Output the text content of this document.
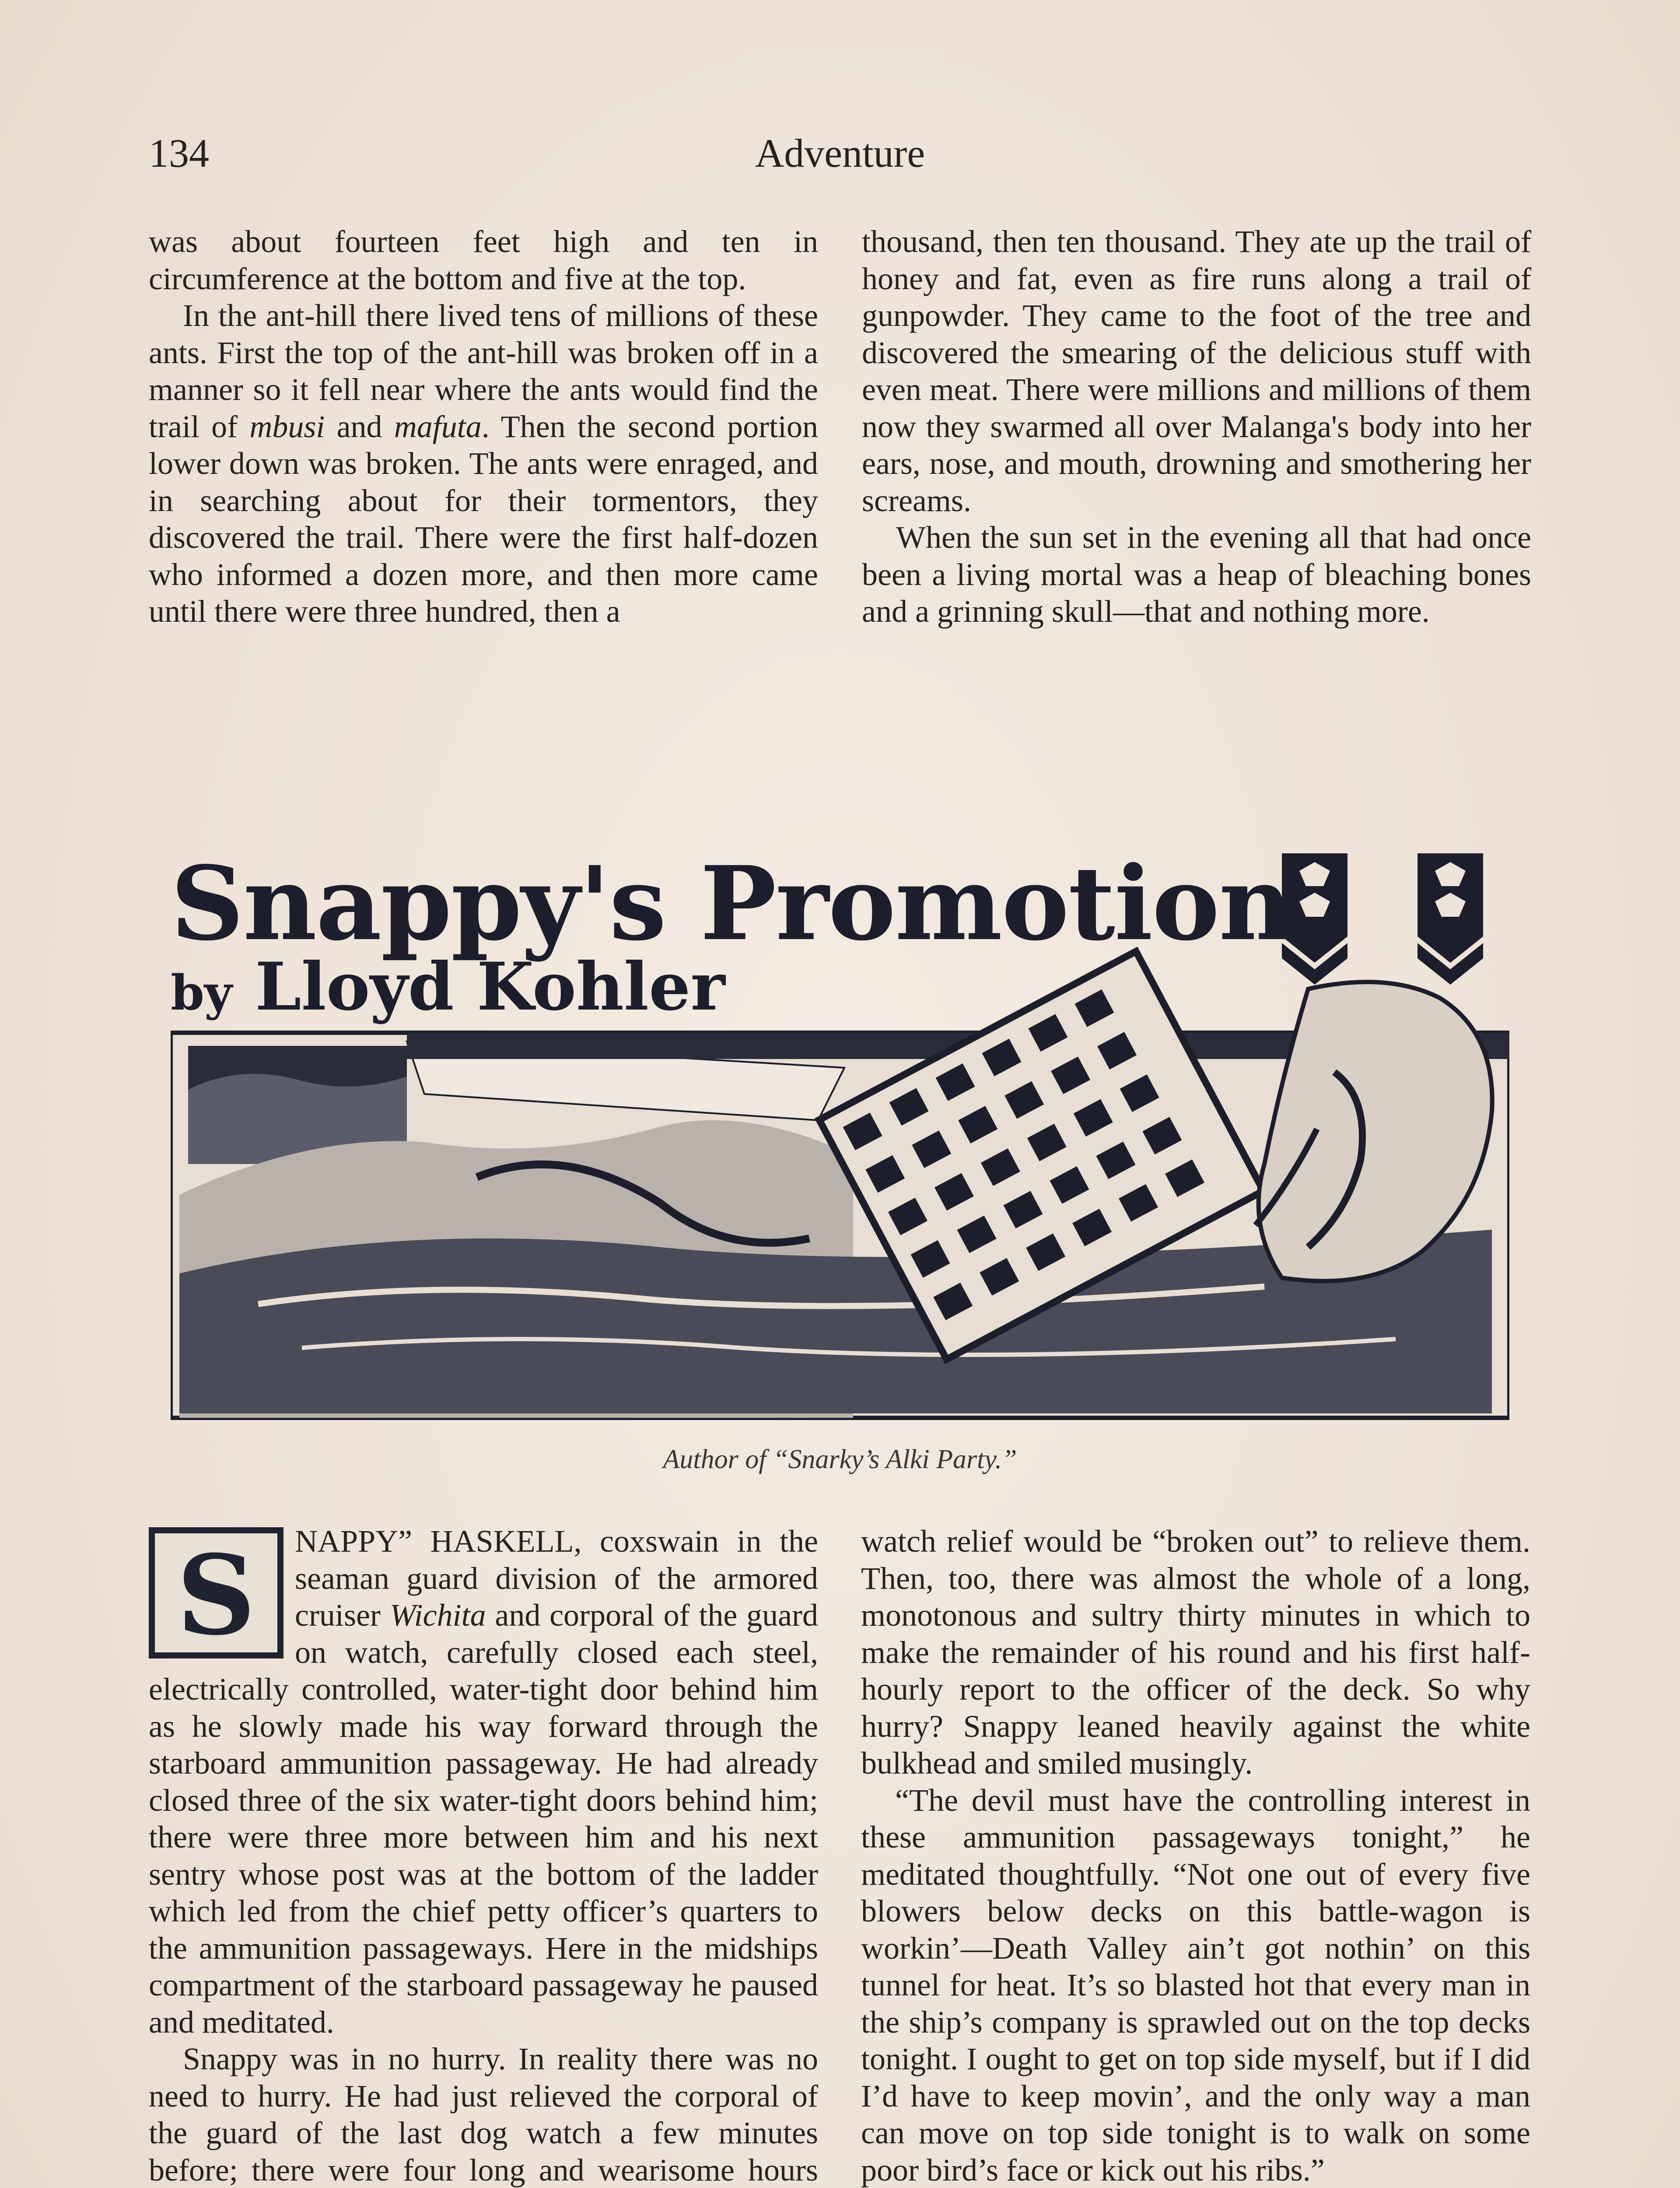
134	Adventure

was about fourteen feet high and ten in circumference at the bottom and five at the top.

In the ant-hill there lived tens of millions of these ants. First the top of the ant-hill was broken off in a manner so it fell near where the ants would find the trail of mbusi and mafuta. Then the second portion lower down was broken. The ants were enraged, and in searching about for their tormentors, they discovered the trail. There were the first half-dozen who informed a dozen more, and then more came until there were three hundred, then a

thousand, then ten thousand. They ate up the trail of honey and fat, even as fire runs along a trail of gunpowder. They came to the foot of the tree and discovered the smearing of the delicious stuff with even meat. There were millions and millions of them now they swarmed all over Malanga's body into her ears, nose, and mouth, drowning and smothering her screams.

When the sun set in the evening all that had once been a living mortal was a heap of bleaching bones and a grinning skull—that and nothing more.

Snappy's Promotion
by Lloyd Kohler
Author of “Snarky’s Alki Party.”
S	NAPPY” HASKELL, coxswain in the seaman guard division of the armored cruiser Wichita and corporal of the guard on watch, carefully closed each steel, electrically controlled, water-tight door behind him as he slowly made his way forward through the starboard ammunition passageway. He had already closed three of the six water-tight doors behind him; there were three more between him and his next sentry whose post was at the bottom of the ladder which led from the chief petty officer’s quarters to the ammunition passageways. Here in the midships compartment of the starboard passageway he paused and meditated.

Snappy was in no hurry. In reality there was no need to hurry. He had just relieved the corporal of the guard of the last dog watch a few minutes before; there were four long and wearisome hours

watch relief would be “broken out” to relieve them. Then, too, there was almost the whole of a long, monotonous and sultry thirty minutes in which to make the remainder of his round and his first half-hourly report to the officer of the deck. So why hurry? Snappy leaned heavily against the white bulkhead and smiled musingly.

“The devil must have the controlling interest in these ammunition passageways tonight,” he meditated thoughtfully. “Not one out of every five blowers below decks on this battle-wagon is workin’—Death Valley ain’t got nothin’ on this tunnel for heat. It’s so blasted hot that every man in the ship’s company is sprawled out on the top decks tonight. I ought to get on top side myself, but if I did I’d have to keep movin’, and the only way a man can move on top side tonight is to walk on some poor bird’s face or kick out his ribs.”
